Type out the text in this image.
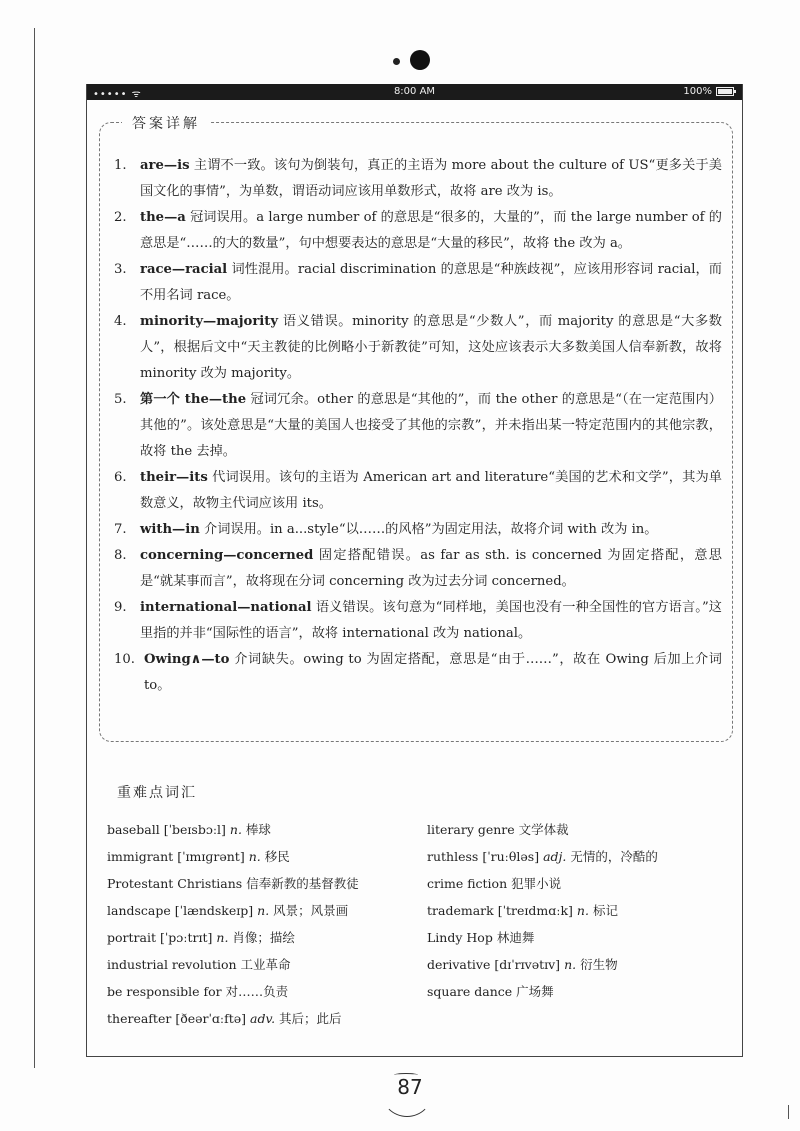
••••• ᯤ	8:00 AM	100%
答案详解
1. are—is 主谓不一致。该句为倒装句，真正的主语为 more about the culture of US“更多关于美国文化的事情”，为单数，谓语动词应该用单数形式，故将 are 改为 is。
2. the—a 冠词误用。a large number of 的意思是“很多的，大量的”，而 the large number of 的意思是“……的大的数量”，句中想要表达的意思是“大量的移民”，故将 the 改为 a。
3. race—racial 词性混用。racial discrimination 的意思是“种族歧视”，应该用形容词 racial，而不用名词 race。
4. minority—majority 语义错误。minority 的意思是“少数人”，而 majority 的意思是“大多数人”，根据后文中“天主教徒的比例略小于新教徒”可知，这处应该表示大多数美国人信奉新教，故将 minority 改为 majority。
5. 第一个 the—the 冠词冗余。other 的意思是“其他的”，而 the other 的意思是“（在一定范围内）其他的”。该处意思是“大量的美国人也接受了其他的宗教”，并未指出某一特定范围内的其他宗教，故将 the 去掉。
6. their—its 代词误用。该句的主语为 American art and literature“美国的艺术和文学”，其为单数意义，故物主代词应该用 its。
7. with—in 介词误用。in a...style“以……的风格”为固定用法，故将介词 with 改为 in。
8. concerning—concerned 固定搭配错误。as far as sth. is concerned 为固定搭配，意思是“就某事而言”，故将现在分词 concerning 改为过去分词 concerned。
9. international—national 语义错误。该句意为“同样地，美国也没有一种全国性的官方语言。”这里指的并非“国际性的语言”，故将 international 改为 national。
10. Owing∧—to 介词缺失。owing to 为固定搭配，意思是“由于……”，故在 Owing 后加上介词 to。
重难点词汇
baseball [ˈbeɪsbɔːl] n. 棒球
immigrant [ˈɪmɪɡrənt] n. 移民
Protestant Christians 信奉新教的基督教徒
landscape [ˈlændskeɪp] n. 风景；风景画
portrait [ˈpɔːtrɪt] n. 肖像；描绘
industrial revolution 工业革命
be responsible for 对……负责
thereafter [ðeərˈɑːftə] adv. 其后；此后
literary genre 文学体裁
ruthless [ˈruːθləs] adj. 无情的，冷酷的
crime fiction 犯罪小说
trademark [ˈtreɪdmɑːk] n. 标记
Lindy Hop 林迪舞
derivative [dɪˈrɪvətɪv] n. 衍生物
square dance 广场舞
87
